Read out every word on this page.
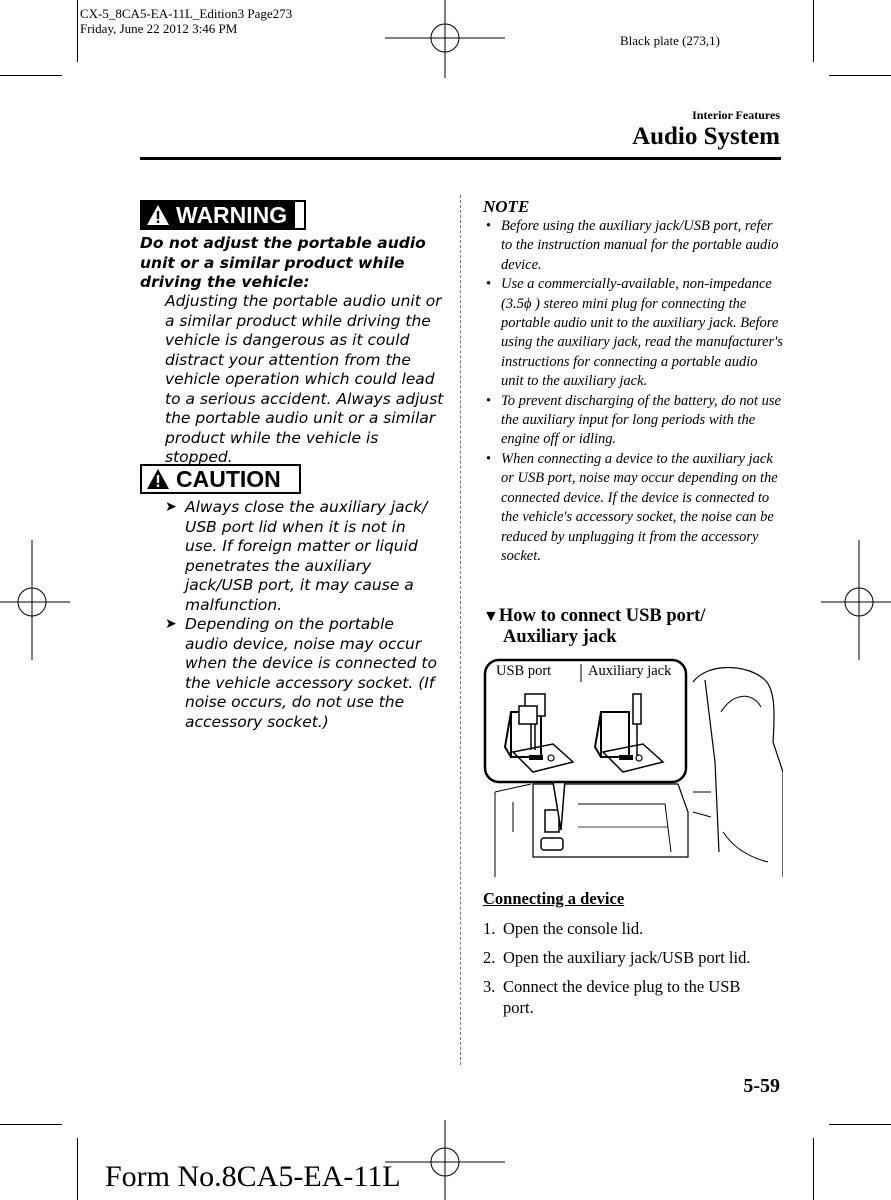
CX-5_8CA5-EA-11L_Edition3 Page273
Friday, June 22 2012 3:46 PM
Black plate (273,1)
Interior Features
Audio System
WARNING
Do not adjust the portable audio unit or a similar product while driving the vehicle:
Adjusting the portable audio unit or a similar product while driving the vehicle is dangerous as it could distract your attention from the vehicle operation which could lead to a serious accident. Always adjust the portable audio unit or a similar product while the vehicle is stopped.
CAUTION
➤ Always close the auxiliary jack/ USB port lid when it is not in use. If foreign matter or liquid penetrates the auxiliary jack/USB port, it may cause a malfunction.
➤ Depending on the portable audio device, noise may occur when the device is connected to the vehicle accessory socket. (If noise occurs, do not use the accessory socket.)
NOTE
• Before using the auxiliary jack/USB port, refer to the instruction manual for the portable audio device.
• Use a commercially-available, non-impedance (3.5ϕ ) stereo mini plug for connecting the portable audio unit to the auxiliary jack. Before using the auxiliary jack, read the manufacturer's instructions for connecting a portable audio unit to the auxiliary jack.
• To prevent discharging of the battery, do not use the auxiliary input for long periods with the engine off or idling.
• When connecting a device to the auxiliary jack or USB port, noise may occur depending on the connected device. If the device is connected to the vehicle's accessory socket, the noise can be reduced by unplugging it from the accessory socket.
▼How to connect USB port/
Auxiliary jack
USB port	Auxiliary jack
Connecting a device
1. Open the console lid.
2. Open the auxiliary jack/USB port lid.
3. Connect the device plug to the USB port.
5-59
Form No.8CA5-EA-11L
